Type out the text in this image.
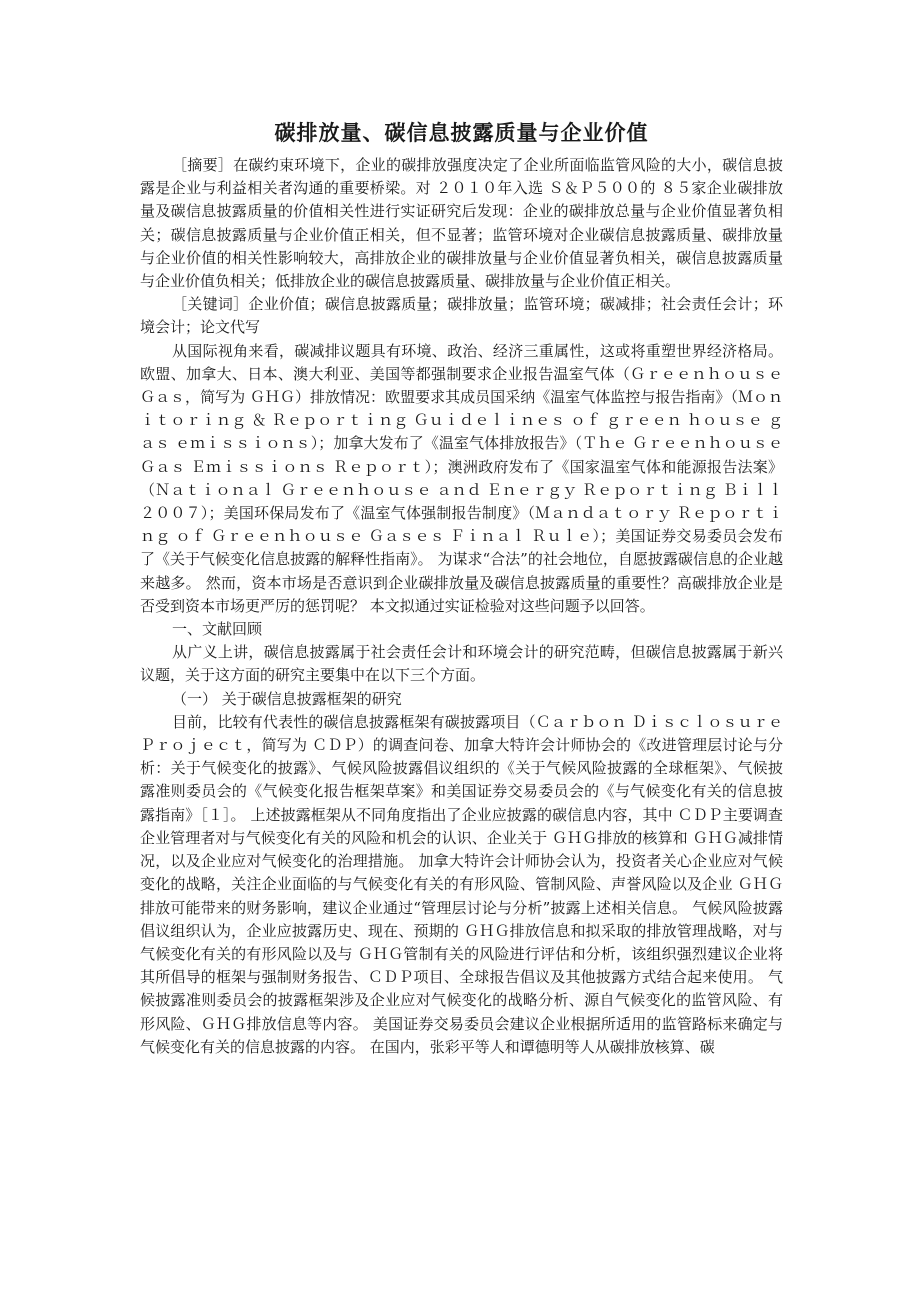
碳排放量、碳信息披露质量与企业价值

［摘要］在碳约束环境下，企业的碳排放强度决定了企业所面临监管风险的大小，碳信息披露是企业与利益相关者沟通的重要桥梁。对 ２０１０年入选 Ｓ＆Ｐ５００的 ８５家企业碳排放量及碳信息披露质量的价值相关性进行实证研究后发现：企业的碳排放总量与企业价值显著负相关；碳信息披露质量与企业价值正相关，但不显著；监管环境对企业碳信息披露质量、碳排放量与企业价值的相关性影响较大，高排放企业的碳排放量与企业价值显著负相关，碳信息披露质量与企业价值负相关；低排放企业的碳信息披露质量、碳排放量与企业价值正相关。

［关键词］企业价值；碳信息披露质量；碳排放量；监管环境；碳减排；社会责任会计；环境会计；论文代写

从国际视角来看，碳减排议题具有环境、政治、经济三重属性，这或将重塑世界经济格局。欧盟、加拿大、日本、澳大利亚、美国等都强制要求企业报告温室气体（Ｇｒｅｅｎｈｏｕｓｅ Ｇａｓ，简写为 ＧＨＧ）排放情况：欧盟要求其成员国采纳《温室气体监控与报告指南》（Ｍｏｎｉｔｏｒｉｎｇ ＆ Ｒｅｐｏｒｔｉｎｇ Ｇｕｉｄｅｌｉｎｅｓ ｏｆ ｇｒｅｅｎ ｈｏｕｓｅ ｇａｓ ｅｍｉｓｓｉｏｎｓ）；加拿大发布了《温室气体排放报告》（Ｔｈｅ Ｇｒｅｅｎｈｏｕｓｅ Ｇａｓ Ｅｍｉｓｓｉｏｎｓ Ｒｅｐｏｒｔ）；澳洲政府发布了《国家温室气体和能源报告法案》（Ｎａｔｉｏｎａｌ Ｇｒｅｅｎｈｏｕｓｅ ａｎｄ Ｅｎｅｒｇｙ Ｒｅｐｏｒｔｉｎｇ Ｂｉｌｌ ２００７）；美国环保局发布了《温室气体强制报告制度》（Ｍａｎｄａｔｏｒｙ Ｒｅｐｏｒｔｉｎｇ ｏｆ Ｇｒｅｅｎｈｏｕｓｅ Ｇａｓｅｓ Ｆｉｎａｌ Ｒｕｌｅ）；美国证券交易委员会发布了《关于气候变化信息披露的解释性指南》。 为谋求“合法”的社会地位，自愿披露碳信息的企业越来越多。 然而，资本市场是否意识到企业碳排放量及碳信息披露质量的重要性？高碳排放企业是否受到资本市场更严厉的惩罚呢？ 本文拟通过实证检验对这些问题予以回答。

一、文献回顾

从广义上讲，碳信息披露属于社会责任会计和环境会计的研究范畴，但碳信息披露属于新兴议题，关于这方面的研究主要集中在以下三个方面。

（一） 关于碳信息披露框架的研究

目前，比较有代表性的碳信息披露框架有碳披露项目（Ｃａｒｂｏｎ Ｄｉｓｃｌｏｓｕｒｅ Ｐｒｏｊｅｃｔ，简写为 ＣＤＰ）的调查问卷、加拿大特许会计师协会的《改进管理层讨论与分析：关于气候变化的披露》、气候风险披露倡议组织的《关于气候风险披露的全球框架》、气候披露准则委员会的《气候变化报告框架草案》和美国证券交易委员会的《与气候变化有关的信息披露指南》［１］。 上述披露框架从不同角度指出了企业应披露的碳信息内容，其中 ＣＤＰ主要调查企业管理者对与气候变化有关的风险和机会的认识、企业关于 ＧＨＧ排放的核算和 ＧＨＧ减排情况，以及企业应对气候变化的治理措施。 加拿大特许会计师协会认为，投资者关心企业应对气候变化的战略，关注企业面临的与气候变化有关的有形风险、管制风险、声誉风险以及企业 ＧＨＧ排放可能带来的财务影响，建议企业通过“管理层讨论与分析”披露上述相关信息。 气候风险披露倡议组织认为，企业应披露历史、现在、预期的 ＧＨＧ排放信息和拟采取的排放管理战略，对与气候变化有关的有形风险以及与 ＧＨＧ管制有关的风险进行评估和分析，该组织强烈建议企业将其所倡导的框架与强制财务报告、ＣＤＰ项目、全球报告倡议及其他披露方式结合起来使用。 气候披露准则委员会的披露框架涉及企业应对气候变化的战略分析、源自气候变化的监管风险、有形风险、ＧＨＧ排放信息等内容。 美国证券交易委员会建议企业根据所适用的监管路标来确定与气候变化有关的信息披露的内容。 在国内，张彩平等人和谭德明等人从碳排放核算、碳
